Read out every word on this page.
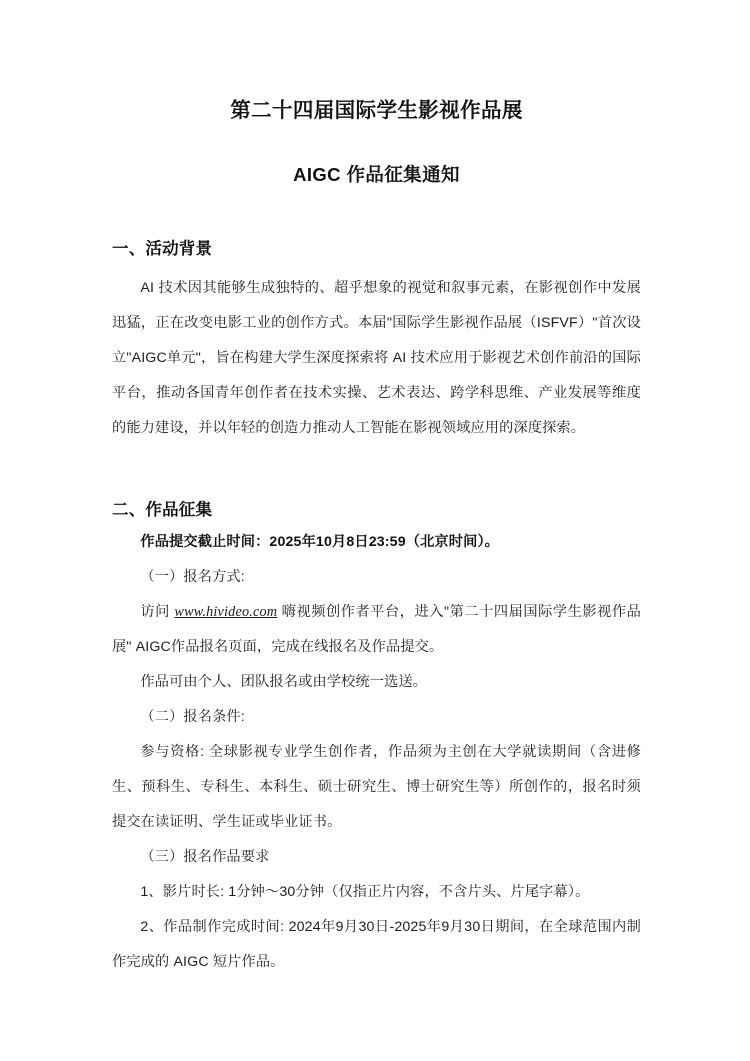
第二十四届国际学生影视作品展
AIGC 作品征集通知
一、活动背景

AI 技术因其能够生成独特的、超乎想象的视觉和叙事元素，在影视创作中发展迅猛，正在改变电影工业的创作方式。本届"国际学生影视作品展（ISFVF）"首次设立"AIGC单元"，旨在构建大学生深度探索将 AI 技术应用于影视艺术创作前沿的国际平台，推动各国青年创作者在技术实操、艺术表达、跨学科思维、产业发展等维度的能力建设，并以年轻的创造力推动人工智能在影视领域应用的深度探索。

二、作品征集

作品提交截止时间：2025年10月8日23:59（北京时间）。

（一）报名方式:

访问 www.hivideo.com 嗨视频创作者平台，进入"第二十四届国际学生影视作品展" AIGC作品报名页面，完成在线报名及作品提交。

作品可由个人、团队报名或由学校统一选送。

（二）报名条件:

参与资格: 全球影视专业学生创作者，作品须为主创在大学就读期间（含进修生、预科生、专科生、本科生、硕士研究生、博士研究生等）所创作的，报名时须提交在读证明、学生证或毕业证书。

（三）报名作品要求

1、影片时长: 1分钟～30分钟（仅指正片内容，不含片头、片尾字幕）。

2、作品制作完成时间: 2024年9月30日-2025年9月30日期间，在全球范围内制作完成的 AIGC 短片作品。
